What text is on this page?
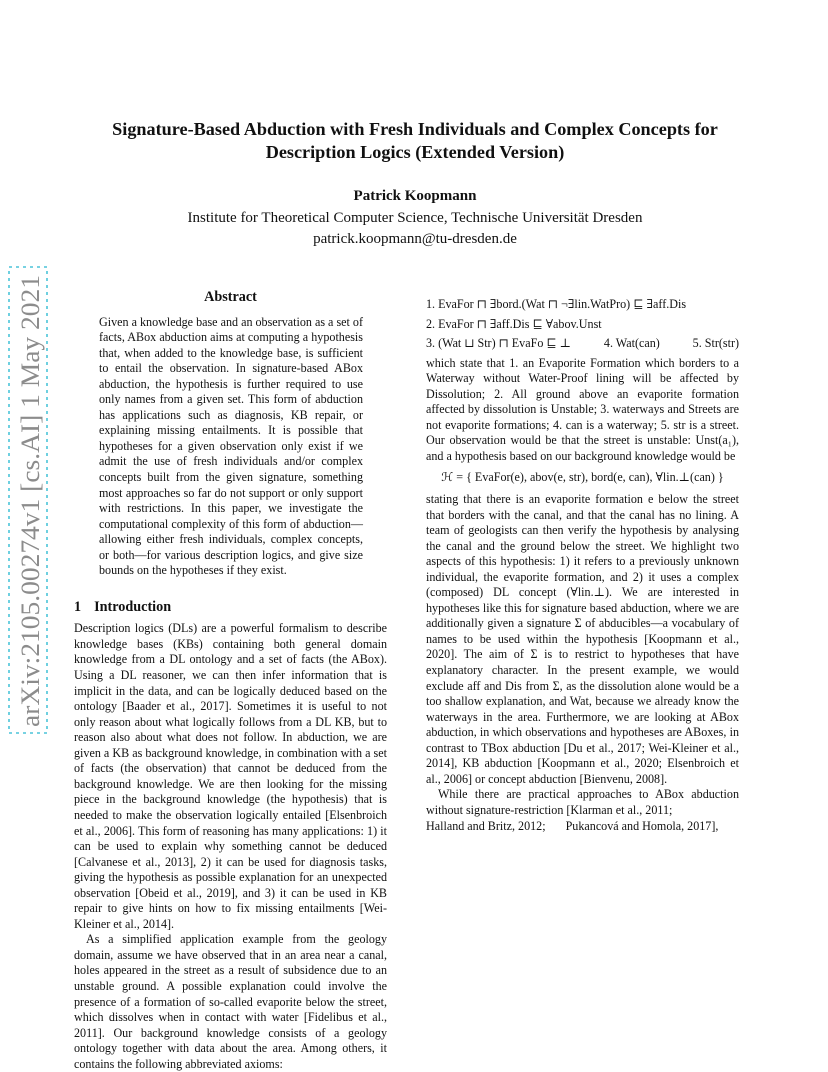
arXiv:2105.00274v1 [cs.AI] 1 May 2021
Signature-Based Abduction with Fresh Individuals and Complex Concepts for
Description Logics (Extended Version)
Patrick Koopmann
Institute for Theoretical Computer Science, Technische Universität Dresden
patrick.koopmann@tu-dresden.de
Abstract

Given a knowledge base and an observation as a set of facts, ABox abduction aims at computing a hypothesis that, when added to the knowledge base, is sufficient to entail the observation. In signature-based ABox abduction, the hypothesis is further required to use only names from a given set. This form of abduction has applications such as diagnosis, KB repair, or explaining missing entailments. It is possible that hypotheses for a given observation only exist if we admit the use of fresh individuals and/or complex concepts built from the given signature, something most approaches so far do not support or only support with restrictions. In this paper, we investigate the computational complexity of this form of abduction—allowing either fresh individuals, complex concepts, or both—for various description logics, and give size bounds on the hypotheses if they exist.

1 Introduction

Description logics (DLs) are a powerful formalism to describe knowledge bases (KBs) containing both general domain knowledge from a DL ontology and a set of facts (the ABox). Using a DL reasoner, we can then infer information that is implicit in the data, and can be logically deduced based on the ontology [Baader et al., 2017]. Sometimes it is useful to not only reason about what logically follows from a DL KB, but to reason also about what does not follow. In abduction, we are given a KB as background knowledge, in combination with a set of facts (the observation) that cannot be deduced from the background knowledge. We are then looking for the missing piece in the background knowledge (the hypothesis) that is needed to make the observation logically entailed [Elsenbroich et al., 2006]. This form of reasoning has many applications: 1) it can be used to explain why something cannot be deduced [Calvanese et al., 2013], 2) it can be used for diagnosis tasks, giving the hypothesis as possible explanation for an unexpected observation [Obeid et al., 2019], and 3) it can be used in KB repair to give hints on how to fix missing entailments [Wei-Kleiner et al., 2014].

As a simplified application example from the geology domain, assume we have observed that in an area near a canal, holes appeared in the street as a result of subsidence due to an unstable ground. A possible explanation could involve the presence of a formation of so-called evaporite below the street, which dissolves when in contact with water [Fidelibus et al., 2011]. Our background knowledge consists of a geology ontology together with data about the area. Among others, it contains the following abbreviated axioms:

1. EvaFor ⊓ ∃bord.(Wat ⊓ ¬∃lin.WatPro) ⊑ ∃aff.Dis
2. EvaFor ⊓ ∃aff.Dis ⊑ ∀abov.Unst
3. (Wat ⊔ Str) ⊓ EvaFo ⊑ ⊥	4. Wat(can)	5. Str(str)

which state that 1. an Evaporite Formation which borders to a Waterway without Water-Proof lining will be affected by Dissolution; 2. All ground above an evaporite formation affected by dissolution is Unstable; 3. waterways and Streets are not evaporite formations; 4. can is a waterway; 5. str is a street. Our observation would be that the street is unstable: Unst(a₁), and a hypothesis based on our background knowledge would be

ℋ = { EvaFor(e), abov(e, str), bord(e, can), ∀lin.⊥(can) }

stating that there is an evaporite formation e below the street that borders with the canal, and that the canal has no lining. A team of geologists can then verify the hypothesis by analysing the canal and the ground below the street. We highlight two aspects of this hypothesis: 1) it refers to a previously unknown individual, the evaporite formation, and 2) it uses a complex (composed) DL concept (∀lin.⊥). We are interested in hypotheses like this for signature based abduction, where we are additionally given a signature Σ of abducibles—a vocabulary of names to be used within the hypothesis [Koopmann et al., 2020]. The aim of Σ is to restrict to hypotheses that have explanatory character. In the present example, we would exclude aff and Dis from Σ, as the dissolution alone would be a too shallow explanation, and Wat, because we already know the waterways in the area. Furthermore, we are looking at ABox abduction, in which observations and hypotheses are ABoxes, in contrast to TBox abduction [Du et al., 2017; Wei-Kleiner et al., 2014], KB abduction [Koopmann et al., 2020; Elsenbroich et al., 2006] or concept abduction [Bienvenu, 2008].

While there are practical approaches to ABox abduction without signature-restriction [Klarman et al., 2011;

Halland and Britz, 2012; Pukancová and Homola, 2017],
